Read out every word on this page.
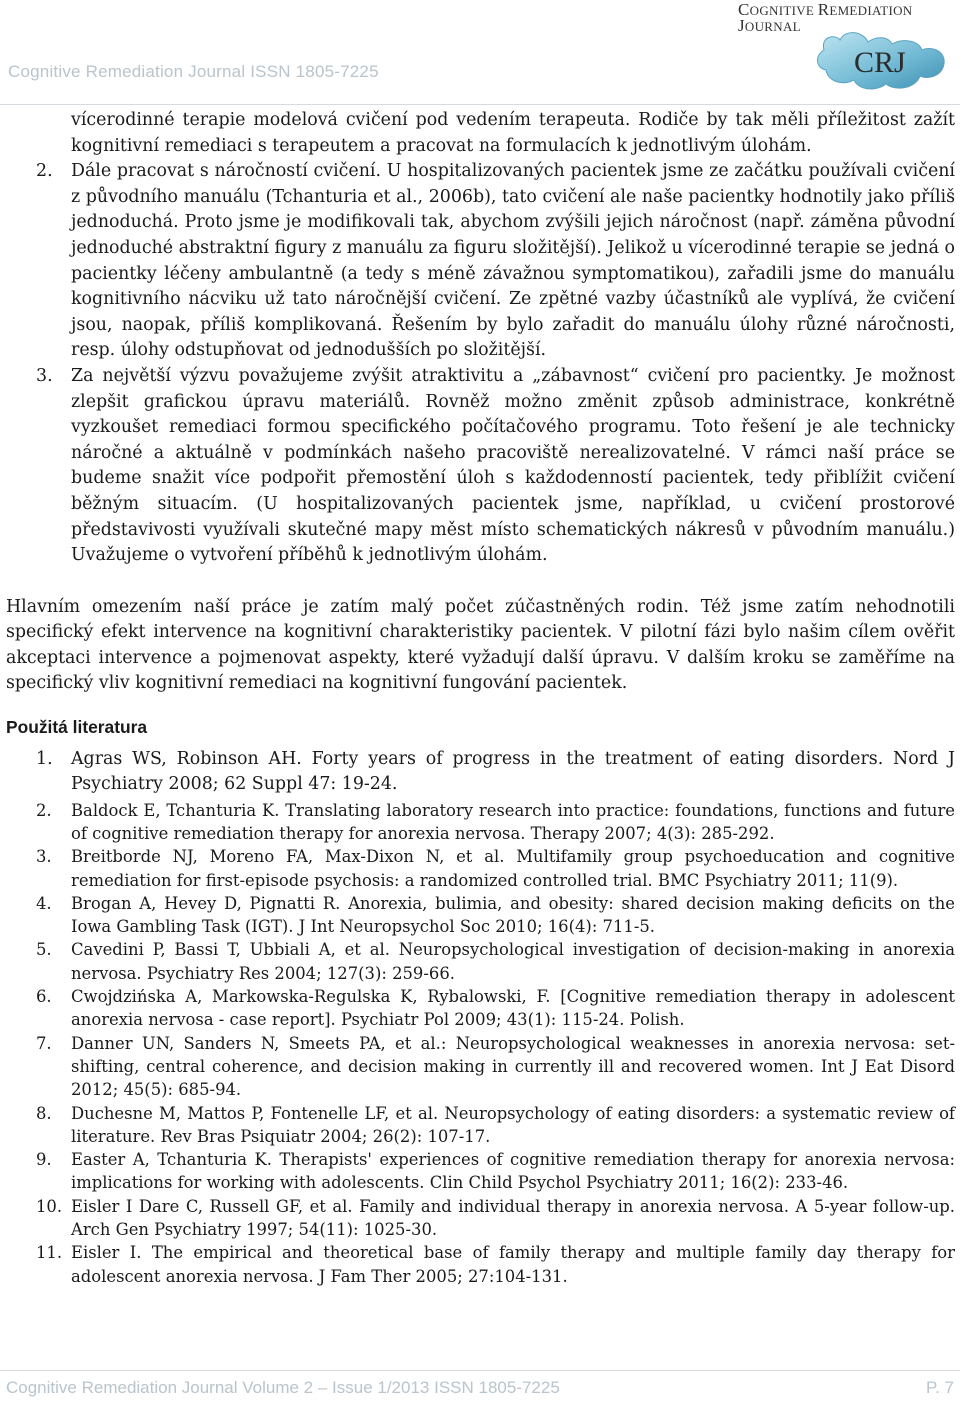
Cognitive Remediation Journal ISSN 1805-7225
COGNITIVE REMEDIATION
JOURNAL
CRJ
vícerodinné terapie modelová cvičení pod vedením terapeuta. Rodiče by tak měli příležitost zažít kognitivní remediaci s terapeutem a pracovat na formulacích k jednotlivým úlohám.
2. Dále pracovat s náročností cvičení. U hospitalizovaných pacientek jsme ze začátku používali cvičení z původního manuálu (Tchanturia et al., 2006b), tato cvičení ale naše pacientky hodnotily jako příliš jednoduchá. Proto jsme je modifikovali tak, abychom zvýšili jejich náročnost (např. záměna původní jednoduché abstraktní figury z manuálu za figuru složitější). Jelikož u vícerodinné terapie se jedná o pacientky léčeny ambulantně (a tedy s méně závažnou symptomatikou), zařadili jsme do manuálu kognitivního nácviku už tato náročnější cvičení. Ze zpětné vazby účastníků ale vyplívá, že cvičení jsou, naopak, příliš komplikovaná. Řešením by bylo zařadit do manuálu úlohy různé náročnosti, resp. úlohy odstupňovat od jednodušších po složitější.
3. Za největší výzvu považujeme zvýšit atraktivitu a „zábavnost“ cvičení pro pacientky. Je možnost zlepšit grafickou úpravu materiálů. Rovněž možno změnit způsob administrace, konkrétně vyzkoušet remediaci formou specifického počítačového programu. Toto řešení je ale technicky náročné a aktuálně v podmínkách našeho pracoviště nerealizovatelné. V rámci naší práce se budeme snažit více podpořit přemostění úloh s každodenností pacientek, tedy přiblížit cvičení běžným situacím. (U hospitalizovaných pacientek jsme, například, u cvičení prostorové představivosti využívali skutečné mapy měst místo schematických nákresů v původním manuálu.) Uvažujeme o vytvoření příběhů k jednotlivým úlohám.

Hlavním omezením naší práce je zatím malý počet zúčastněných rodin. Též jsme zatím nehodnotili specifický efekt intervence na kognitivní charakteristiky pacientek. V pilotní fázi bylo našim cílem ověřit akceptaci intervence a pojmenovat aspekty, které vyžadují další úpravu. V dalším kroku se zaměříme na specifický vliv kognitivní remediaci na kognitivní fungování pacientek.

Použitá literatura
1. Agras WS, Robinson AH. Forty years of progress in the treatment of eating disorders. Nord J Psychiatry 2008; 62 Suppl 47: 19-24.
2. Baldock E, Tchanturia K. Translating laboratory research into practice: foundations, functions and future of cognitive remediation therapy for anorexia nervosa. Therapy 2007; 4(3): 285-292.
3. Breitborde NJ, Moreno FA, Max-Dixon N, et al. Multifamily group psychoeducation and cognitive remediation for first-episode psychosis: a randomized controlled trial. BMC Psychiatry 2011; 11(9).
4. Brogan A, Hevey D, Pignatti R. Anorexia, bulimia, and obesity: shared decision making deficits on the Iowa Gambling Task (IGT). J Int Neuropsychol Soc 2010; 16(4): 711-5.
5. Cavedini P, Bassi T, Ubbiali A, et al. Neuropsychological investigation of decision-making in anorexia nervosa. Psychiatry Res 2004; 127(3): 259-66.
6. Cwojdzińska A, Markowska-Regulska K, Rybalowski, F. [Cognitive remediation therapy in adolescent anorexia nervosa - case report]. Psychiatr Pol 2009; 43(1): 115-24. Polish.
7. Danner UN, Sanders N, Smeets PA, et al.: Neuropsychological weaknesses in anorexia nervosa: set-shifting, central coherence, and decision making in currently ill and recovered women. Int J Eat Disord 2012; 45(5): 685-94.
8. Duchesne M, Mattos P, Fontenelle LF, et al. Neuropsychology of eating disorders: a systematic review of literature. Rev Bras Psiquiatr 2004; 26(2): 107-17.
9. Easter A, Tchanturia K. Therapists' experiences of cognitive remediation therapy for anorexia nervosa: implications for working with adolescents. Clin Child Psychol Psychiatry 2011; 16(2): 233-46.
10. Eisler I Dare C, Russell GF, et al. Family and individual therapy in anorexia nervosa. A 5-year follow-up. Arch Gen Psychiatry 1997; 54(11): 1025-30.
11. Eisler I. The empirical and theoretical base of family therapy and multiple family day therapy for adolescent anorexia nervosa. J Fam Ther 2005; 27:104-131.
Cognitive Remediation Journal Volume 2 – Issue 1/2013 ISSN 1805-7225	P. 7
